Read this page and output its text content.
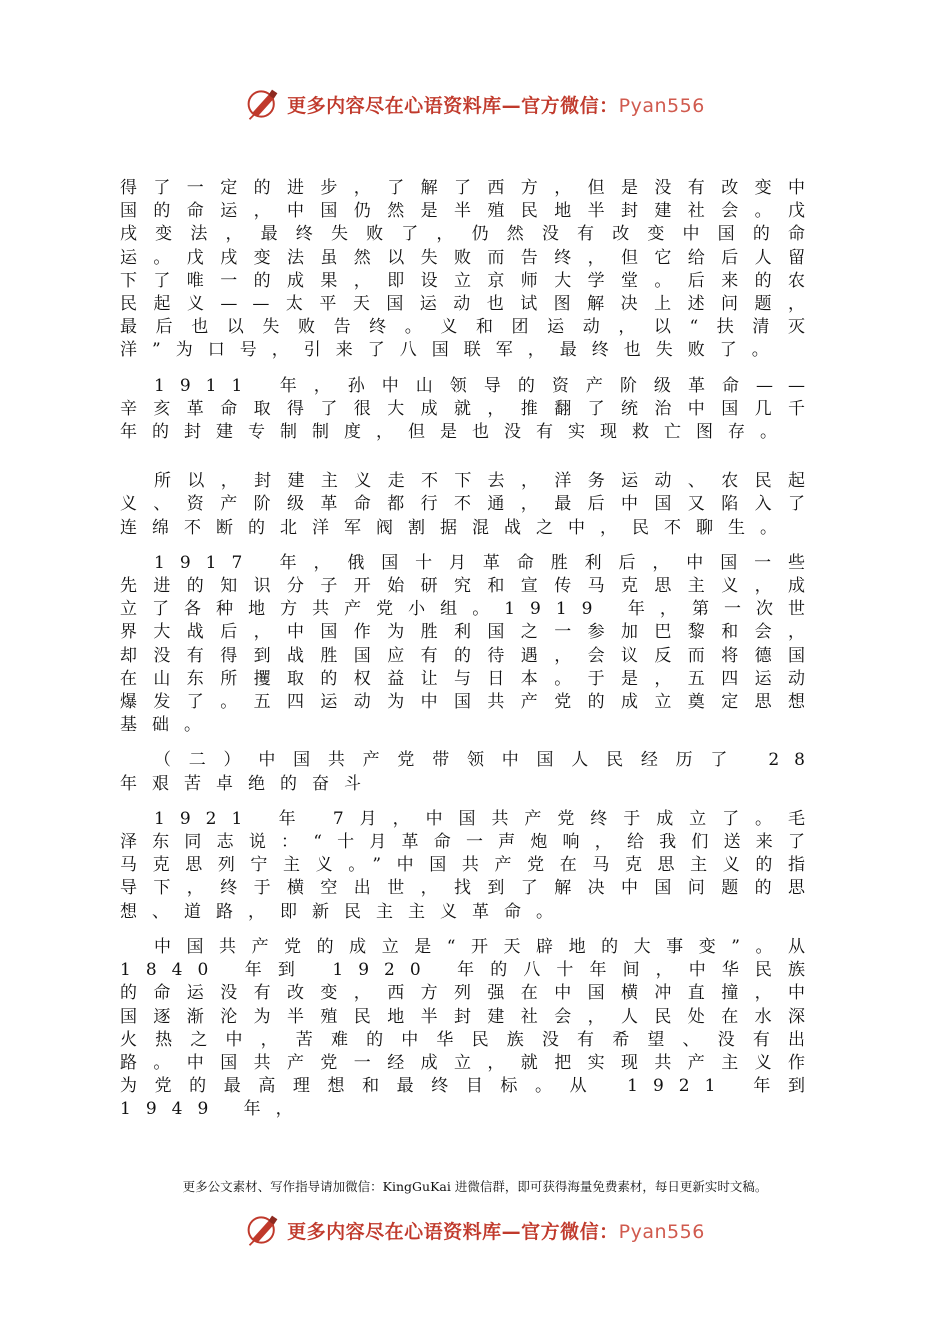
更多内容尽在心语资料库—官方微信：Pyan556

得了一定的进步，了解了西方，但是没有改变中国的命运，中国仍然是半殖民地半封建社会。戊戌变法，最终失败了，仍然没有改变中国的命运。戊戌变法虽然以失败而告终，但它给后人留下了唯一的成果，即设立京师大学堂。后来的农民起义——太平天国运动也试图解决上述问题，最后也以失败告终。义和团运动，以“扶清灭洋”为口号，引来了八国联军，最终也失败了。

1911 年，孙中山领导的资产阶级革命——辛亥革命取得了很大成就，推翻了统治中国几千年的封建专制制度，但是也没有实现救亡图存。

所以，封建主义走不下去，洋务运动、农民起义、资产阶级革命都行不通，最后中国又陷入了连绵不断的北洋军阀割据混战之中，民不聊生。

1917 年，俄国十月革命胜利后，中国一些先进的知识分子开始研究和宣传马克思主义，成立了各种地方共产党小组。1919 年，第一次世界大战后，中国作为胜利国之一参加巴黎和会，却没有得到战胜国应有的待遇，会议反而将德国在山东所攫取的权益让与日本。于是，五四运动爆发了。五四运动为中国共产党的成立奠定思想基础。

（二）中国共产党带领中国人民经历了 28 年艰苦卓绝的奋斗

1921 年 7月，中国共产党终于成立了。毛泽东同志说：“十月革命一声炮响，给我们送来了马克思列宁主义。”中国共产党在马克思主义的指导下，终于横空出世，找到了解决中国问题的思想、道路，即新民主主义革命。

中国共产党的成立是“开天辟地的大事变”。从 1840 年到 1920 年的八十年间，中华民族的命运没有改变，西方列强在中国横冲直撞，中国逐渐沦为半殖民地半封建社会，人民处在水深火热之中，苦难的中华民族没有希望、没有出路。中国共产党一经成立，就把实现共产主义作为党的最高理想和最终目标。从 1921 年到 1949 年，

更多公文素材、写作指导请加微信：KingGuKai 进微信群，即可获得海量免费素材，每日更新实时文稿。
更多内容尽在心语资料库—官方微信：Pyan556
